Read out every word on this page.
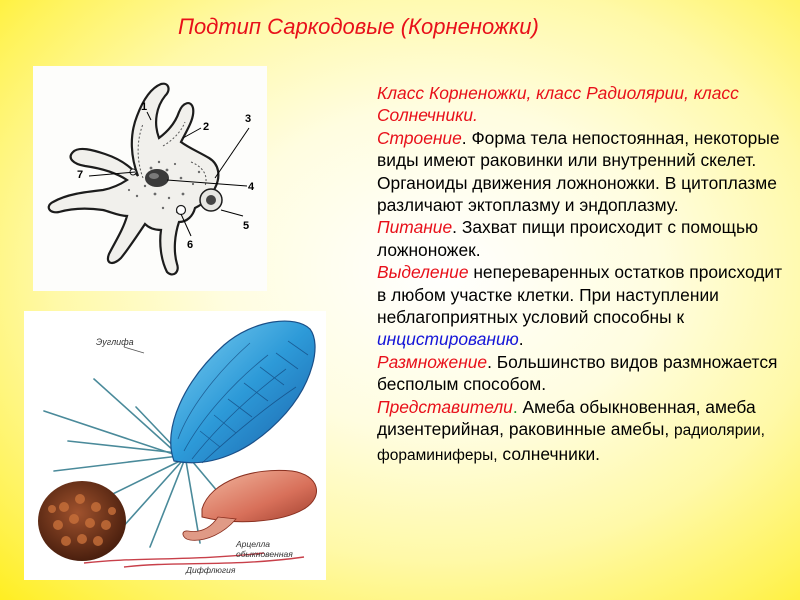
Подтип Саркодовые (Корненожки)
1
2
3
4
5
6
7
Эуглифа
Арцелла
обыкновенная
Диффлюгия

Класс Корненожки, класс Радиолярии, класс Солнечники.

Строение. Форма тела непостоянная, некоторые виды имеют раковинки или внутренний скелет. Органоиды движения ложноножки. В цитоплазме различают эктоплазму и эндоплазму.

Питание. Захват пищи происходит с помощью ложноножек.

Выделение непереваренных остатков происходит в любом участке клетки. При наступлении неблагоприятных условий способны к инцистированию.

Размножение. Большинство видов размножается бесполым способом.

Представители. Амеба обыкновенная, амеба дизентерийная, раковинные амебы, радиолярии, фораминиферы, солнечники.
